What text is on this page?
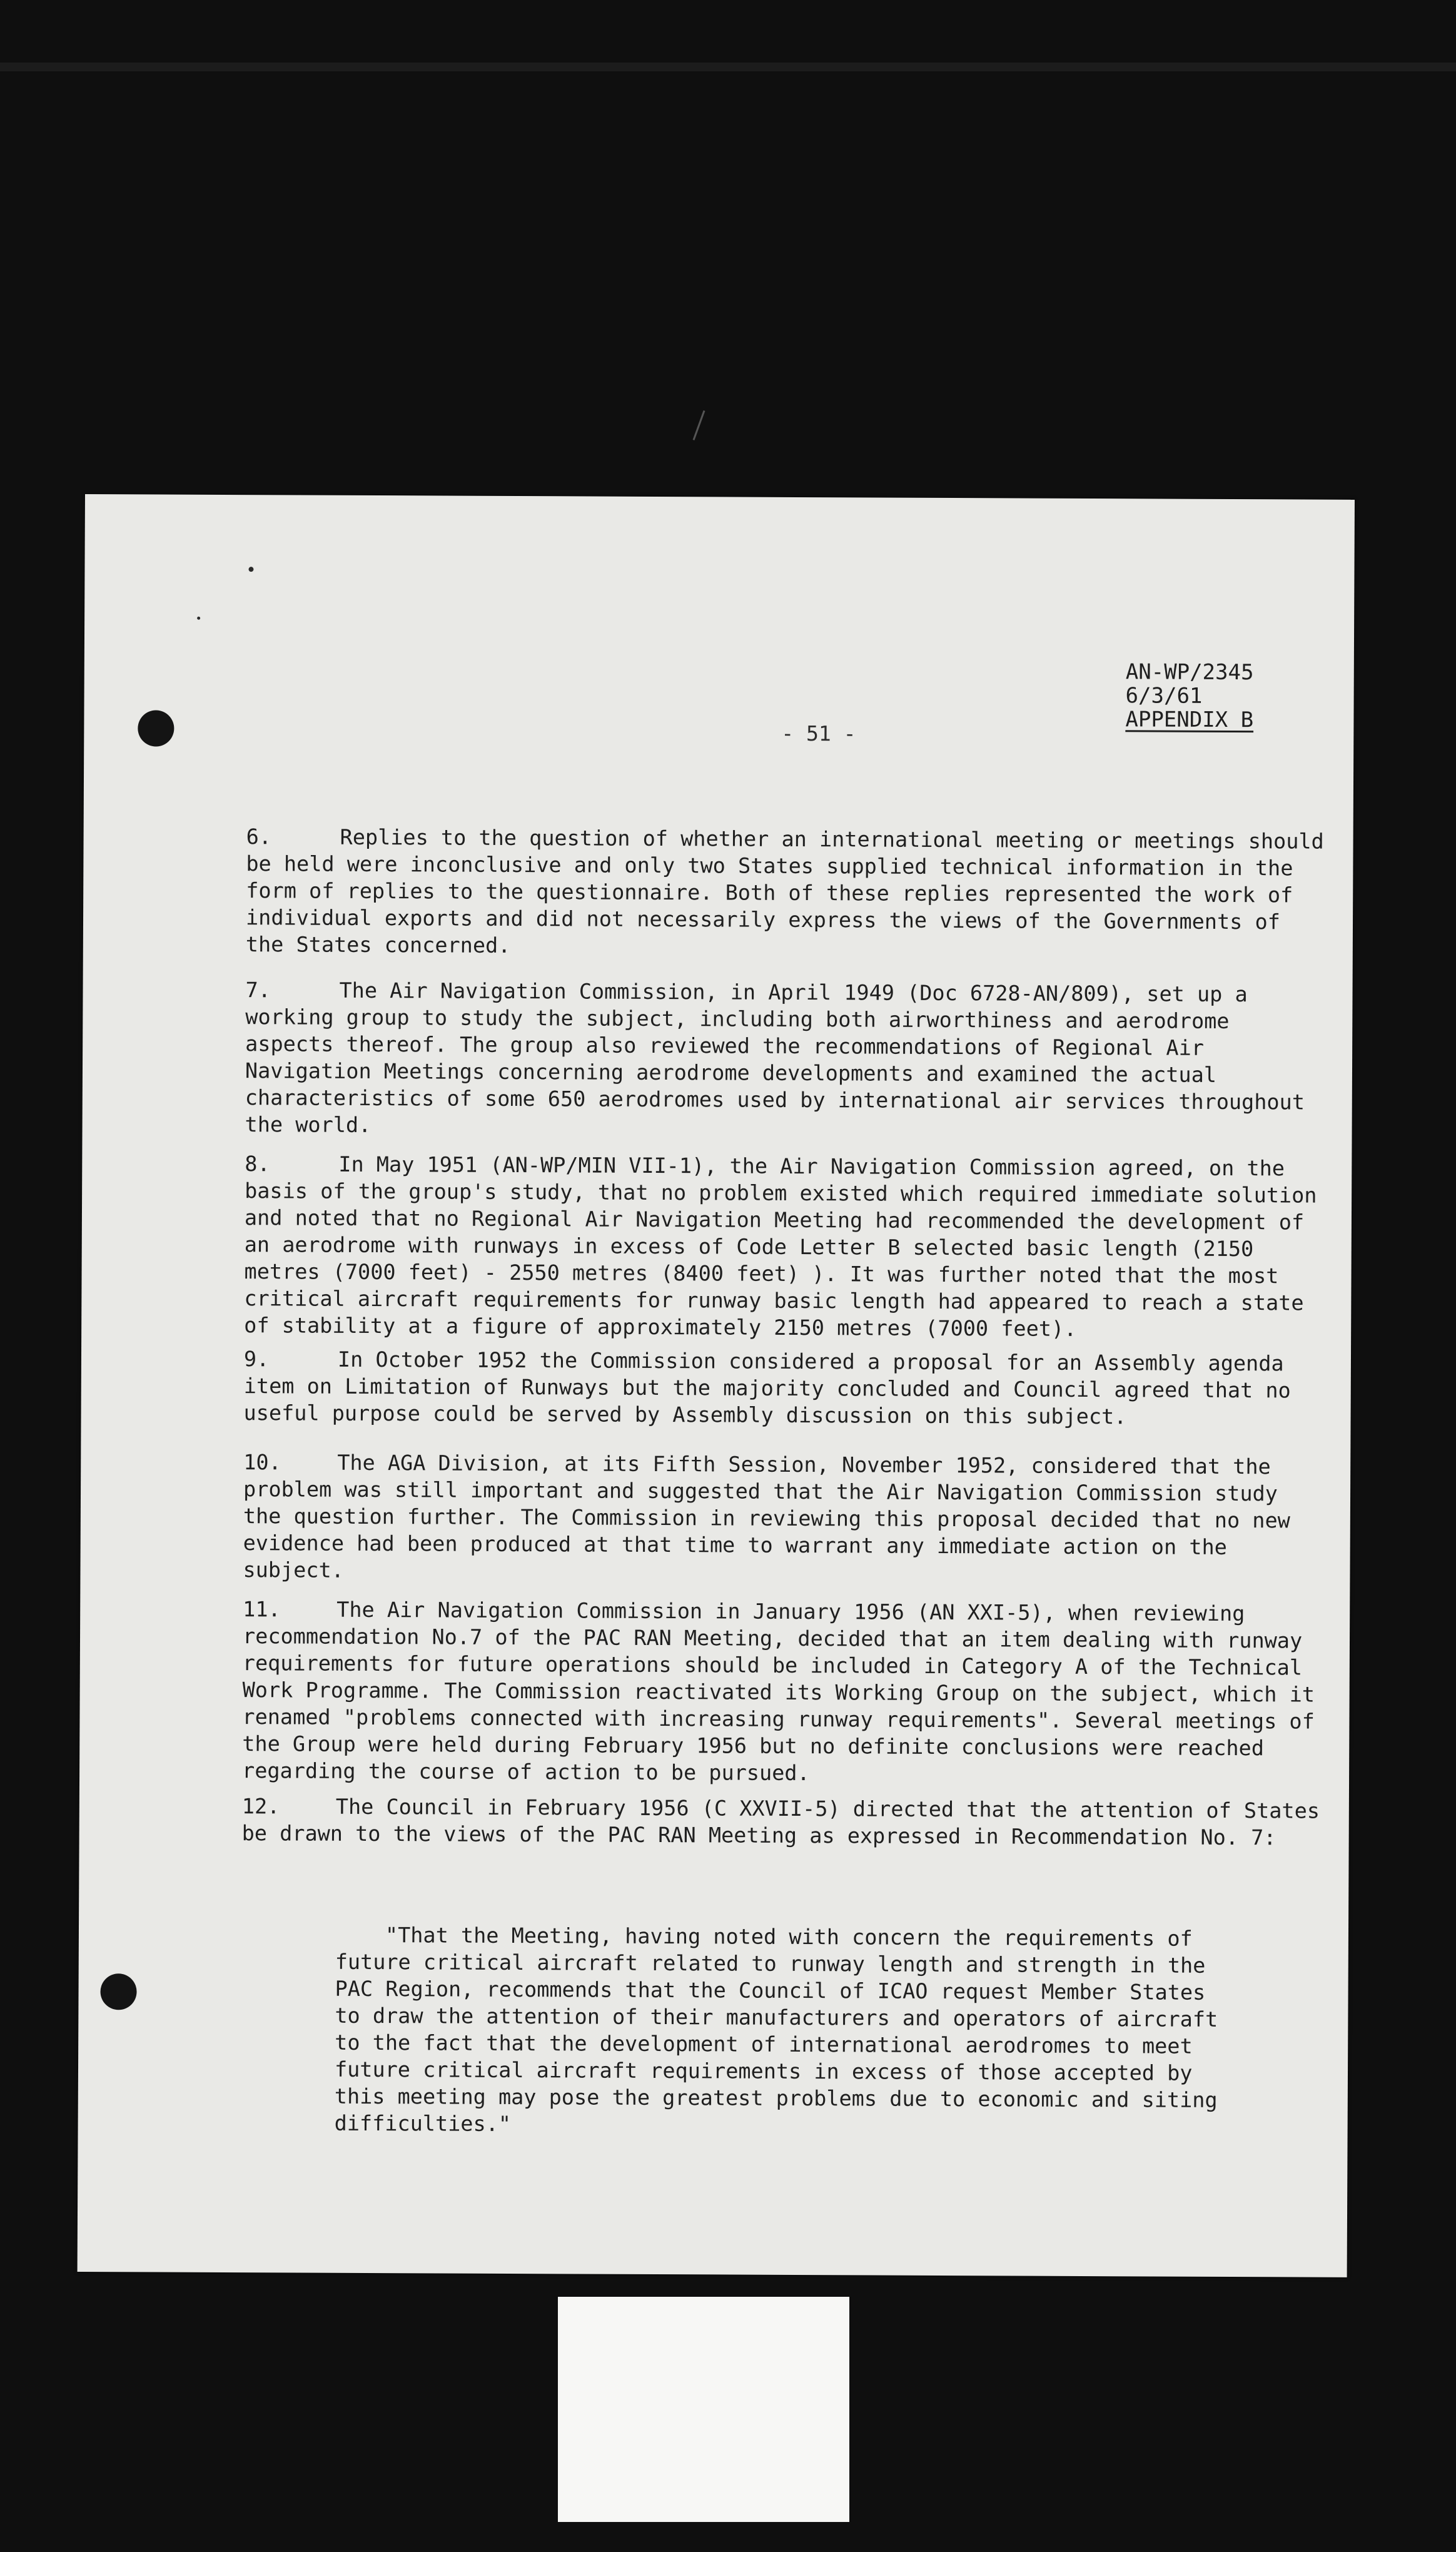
AN-WP/2345
6/3/61
APPENDIX B
- 51 -

6.	Replies to the question of whether an international meeting or meetings should be held were inconclusive and only two States supplied technical information in the form of replies to the questionnaire. Both of these replies represented the work of individual exports and did not necessarily express the views of the Governments of the States concerned.

7.	The Air Navigation Commission, in April 1949 (Doc 6728-AN/809), set up a working group to study the subject, including both airworthiness and aerodrome aspects thereof. The group also reviewed the recommendations of Regional Air Navigation Meetings concerning aerodrome developments and examined the actual characteristics of some 650 aerodromes used by international air services throughout the world.

8.	In May 1951 (AN-WP/MIN VII-1), the Air Navigation Commission agreed, on the basis of the group's study, that no problem existed which required immediate solution and noted that no Regional Air Navigation Meeting had recommended the development of an aerodrome with runways in excess of Code Letter B selected basic length (2150 metres (7000 feet) - 2550 metres (8400 feet) ). It was further noted that the most critical aircraft requirements for runway basic length had appeared to reach a state of stability at a figure of approximately 2150 metres (7000 feet).

9.	In October 1952 the Commission considered a proposal for an Assembly agenda item on Limitation of Runways but the majority concluded and Council agreed that no useful purpose could be served by Assembly discussion on this subject.

10.	The AGA Division, at its Fifth Session, November 1952, considered that the problem was still important and suggested that the Air Navigation Commission study the question further. The Commission in reviewing this proposal decided that no new evidence had been produced at that time to warrant any immediate action on the subject.

11.	The Air Navigation Commission in January 1956 (AN XXI-5), when reviewing recommendation No.7 of the PAC RAN Meeting, decided that an item dealing with runway requirements for future operations should be included in Category A of the Technical Work Programme. The Commission reactivated its Working Group on the subject, which it renamed "problems connected with increasing runway requirements". Several meetings of the Group were held during February 1956 but no definite conclusions were reached regarding the course of action to be pursued.

12.	The Council in February 1956 (C XXVII-5) directed that the attention of States be drawn to the views of the PAC RAN Meeting as expressed in Recommendation No. 7:

"That the Meeting, having noted with concern the requirements of future critical aircraft related to runway length and strength in the PAC Region, recommends that the Council of ICAO request Member States to draw the attention of their manufacturers and operators of aircraft to the fact that the development of international aerodromes to meet future critical aircraft requirements in excess of those accepted by this meeting may pose the greatest problems due to economic and siting difficulties."
